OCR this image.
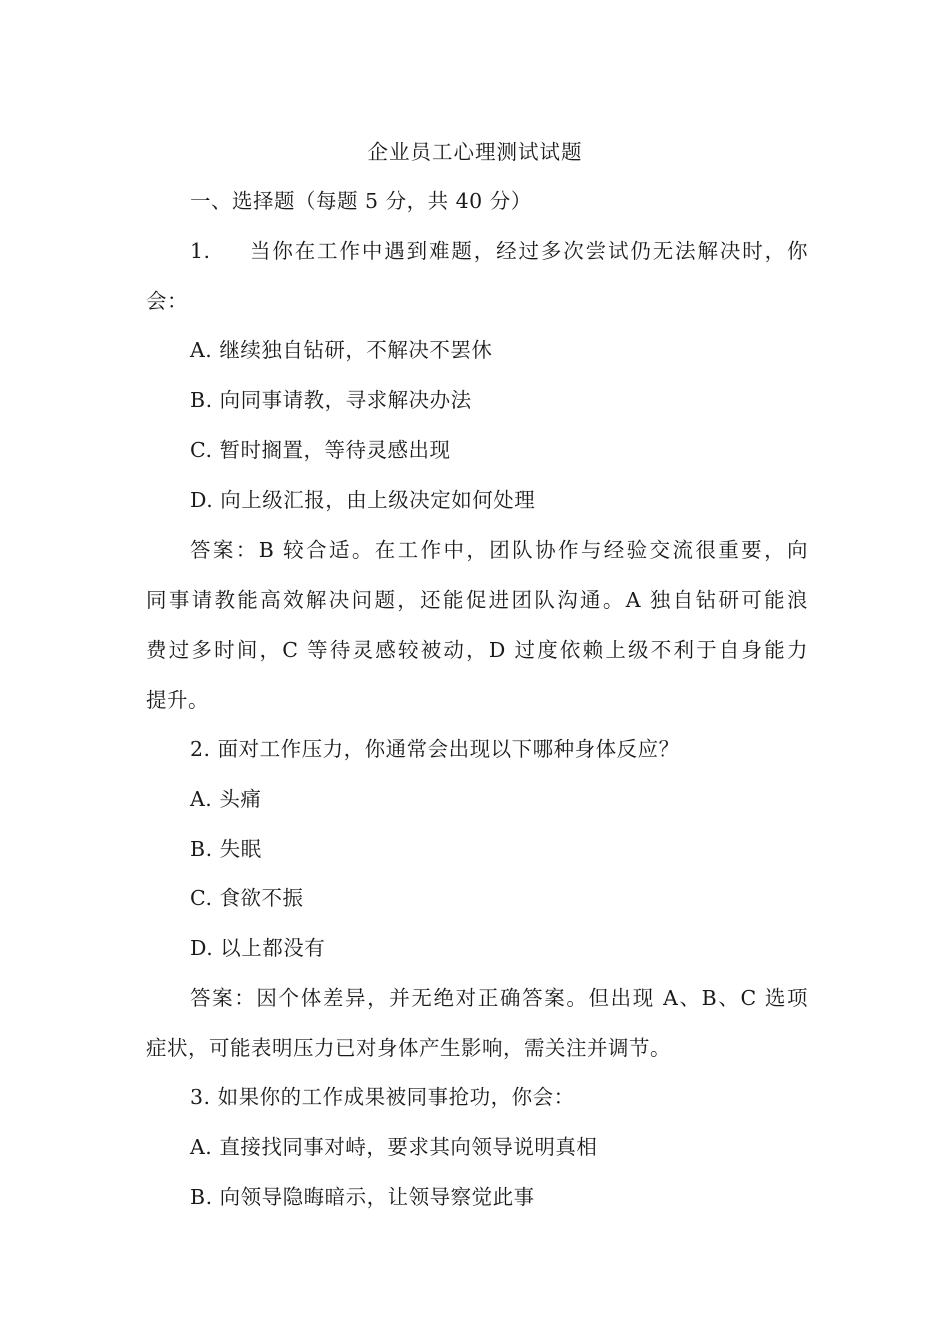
企业员工心理测试试题
一、选择题（每题 5 分，共 40 分）
1. 当你在工作中遇到难题，经过多次尝试仍无法解决时，你
会：
A. 继续独自钻研，不解决不罢休
B. 向同事请教，寻求解决办法
C. 暂时搁置，等待灵感出现
D. 向上级汇报，由上级决定如何处理
答案：B 较合适。在工作中，团队协作与经验交流很重要，向
同事请教能高效解决问题，还能促进团队沟通。A 独自钻研可能浪
费过多时间，C 等待灵感较被动，D 过度依赖上级不利于自身能力
提升。
2. 面对工作压力，你通常会出现以下哪种身体反应？
A. 头痛
B. 失眠
C. 食欲不振
D. 以上都没有
答案：因个体差异，并无绝对正确答案。但出现 A、B、C 选项
症状，可能表明压力已对身体产生影响，需关注并调节。
3. 如果你的工作成果被同事抢功，你会：
A. 直接找同事对峙，要求其向领导说明真相
B. 向领导隐晦暗示，让领导察觉此事
